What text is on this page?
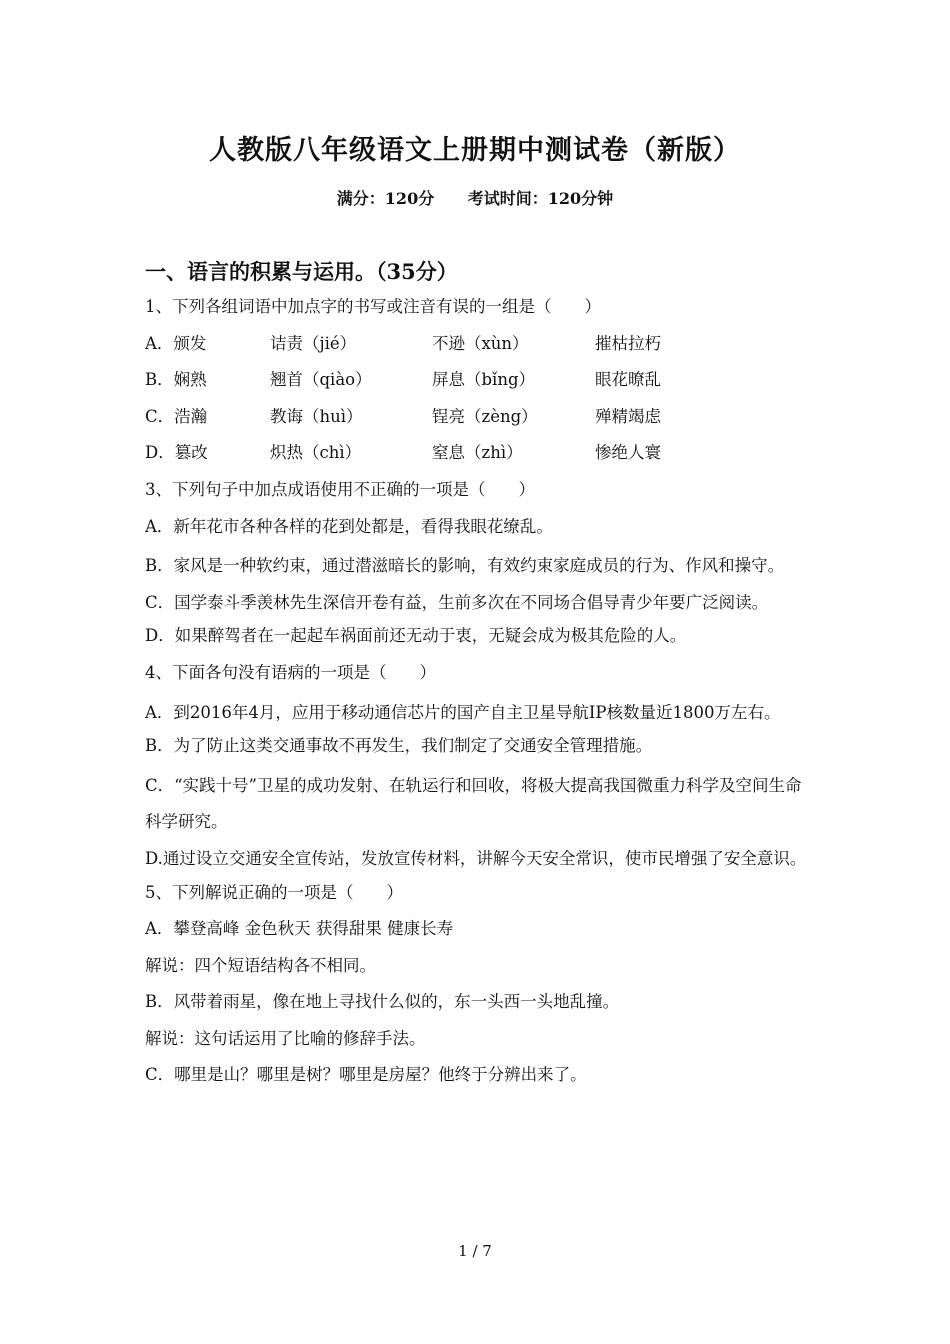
人教版八年级语文上册期中测试卷（新版）
满分：120分 考试时间：120分钟
一、语言的积累与运用。（35分）
1、下列各组词语中加点字的书写或注音有误的一组是（　　）
A．颁发	诘责（jié）	不逊（xùn）	摧枯拉朽
B．娴熟	翘首（qiào）	屏息（bǐng）	眼花暸乱
C．浩瀚	教诲（huì）	锃亮（zèng）	殚精竭虑
D．篡改	炽热（chì）	窒息（zhì）	惨绝人寰
3、下列句子中加点成语使用不正确的一项是（　　）
A．新年花市各种各样的花到处都是，看得我眼花缭乱。

B．家风是一种软约束，通过潜滋暗长的影响，有效约束家庭成员的行为、作风和操守。

C．国学泰斗季羡林先生深信开卷有益，生前多次在不同场合倡导青少年要广泛阅读。

D．如果醉驾者在一起起车祸面前还无动于衷，无疑会成为极其危险的人。
4、下面各句没有语病的一项是（　　）

A．到2016年4月，应用于移动通信芯片的国产自主卫星导航IP核数量近1800万左右。

B．为了防止这类交通事故不再发生，我们制定了交通安全管理措施。

C．“实践十号”卫星的成功发射、在轨运行和回收，将极大提高我国微重力科学及空间生命科学研究。

D.通过设立交通安全宣传站，发放宣传材料，讲解今天安全常识，使市民增强了安全意识。

5、下列解说正确的一项是（　　）
A．攀登高峰 金色秋天 获得甜果 健康长寿
解说：四个短语结构各不相同。
B．风带着雨星，像在地上寻找什么似的，东一头西一头地乱撞。
解说：这句话运用了比喻的修辞手法。
C．哪里是山？哪里是树？哪里是房屋？他终于分辨出来了。
1 / 7
